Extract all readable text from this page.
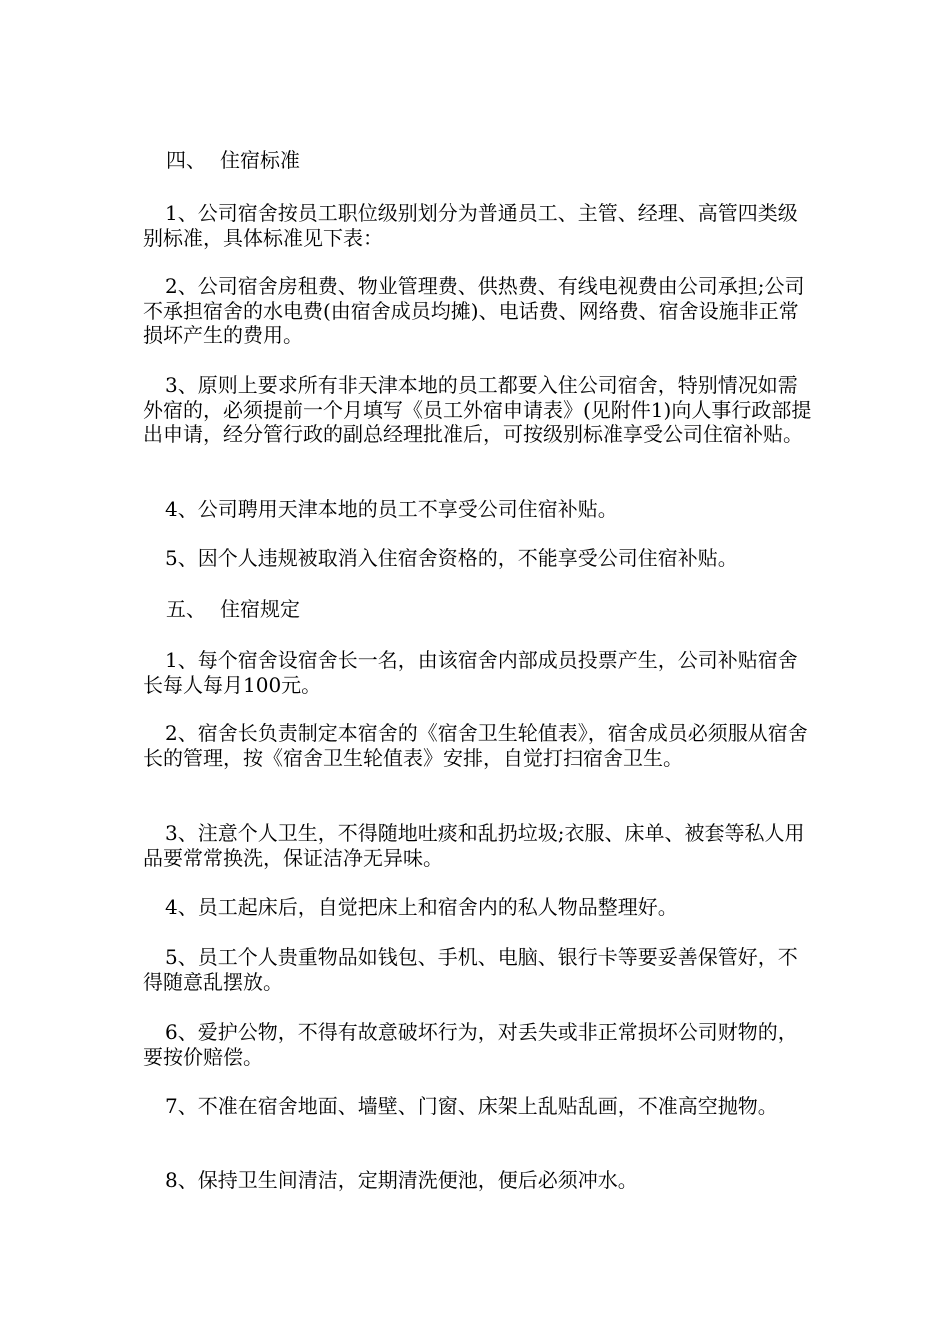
四、 住宿标准

1、公司宿舍按员工职位级别划分为普通员工、主管、经理、高管四类级别标准，具体标准见下表：

2、公司宿舍房租费、物业管理费、供热费、有线电视费由公司承担;公司不承担宿舍的水电费(由宿舍成员均摊)、电话费、网络费、宿舍设施非正常损坏产生的费用。

3、原则上要求所有非天津本地的员工都要入住公司宿舍，特别情况如需外宿的，必须提前一个月填写《员工外宿申请表》(见附件1)向人事行政部提出申请，经分管行政的副总经理批准后，可按级别标准享受公司住宿补贴。

4、公司聘用天津本地的员工不享受公司住宿补贴。

5、因个人违规被取消入住宿舍资格的，不能享受公司住宿补贴。

五、 住宿规定

1、每个宿舍设宿舍长一名，由该宿舍内部成员投票产生，公司补贴宿舍长每人每月100元。

2、宿舍长负责制定本宿舍的《宿舍卫生轮值表》，宿舍成员必须服从宿舍长的管理，按《宿舍卫生轮值表》安排，自觉打扫宿舍卫生。

3、注意个人卫生，不得随地吐痰和乱扔垃圾;衣服、床单、被套等私人用品要常常换洗，保证洁净无异味。

4、员工起床后，自觉把床上和宿舍内的私人物品整理好。

5、员工个人贵重物品如钱包、手机、电脑、银行卡等要妥善保管好，不得随意乱摆放。

6、爱护公物，不得有故意破坏行为，对丢失或非正常损坏公司财物的，要按价赔偿。

7、不准在宿舍地面、墙壁、门窗、床架上乱贴乱画，不准高空抛物。

8、保持卫生间清洁，定期清洗便池，便后必须冲水。
